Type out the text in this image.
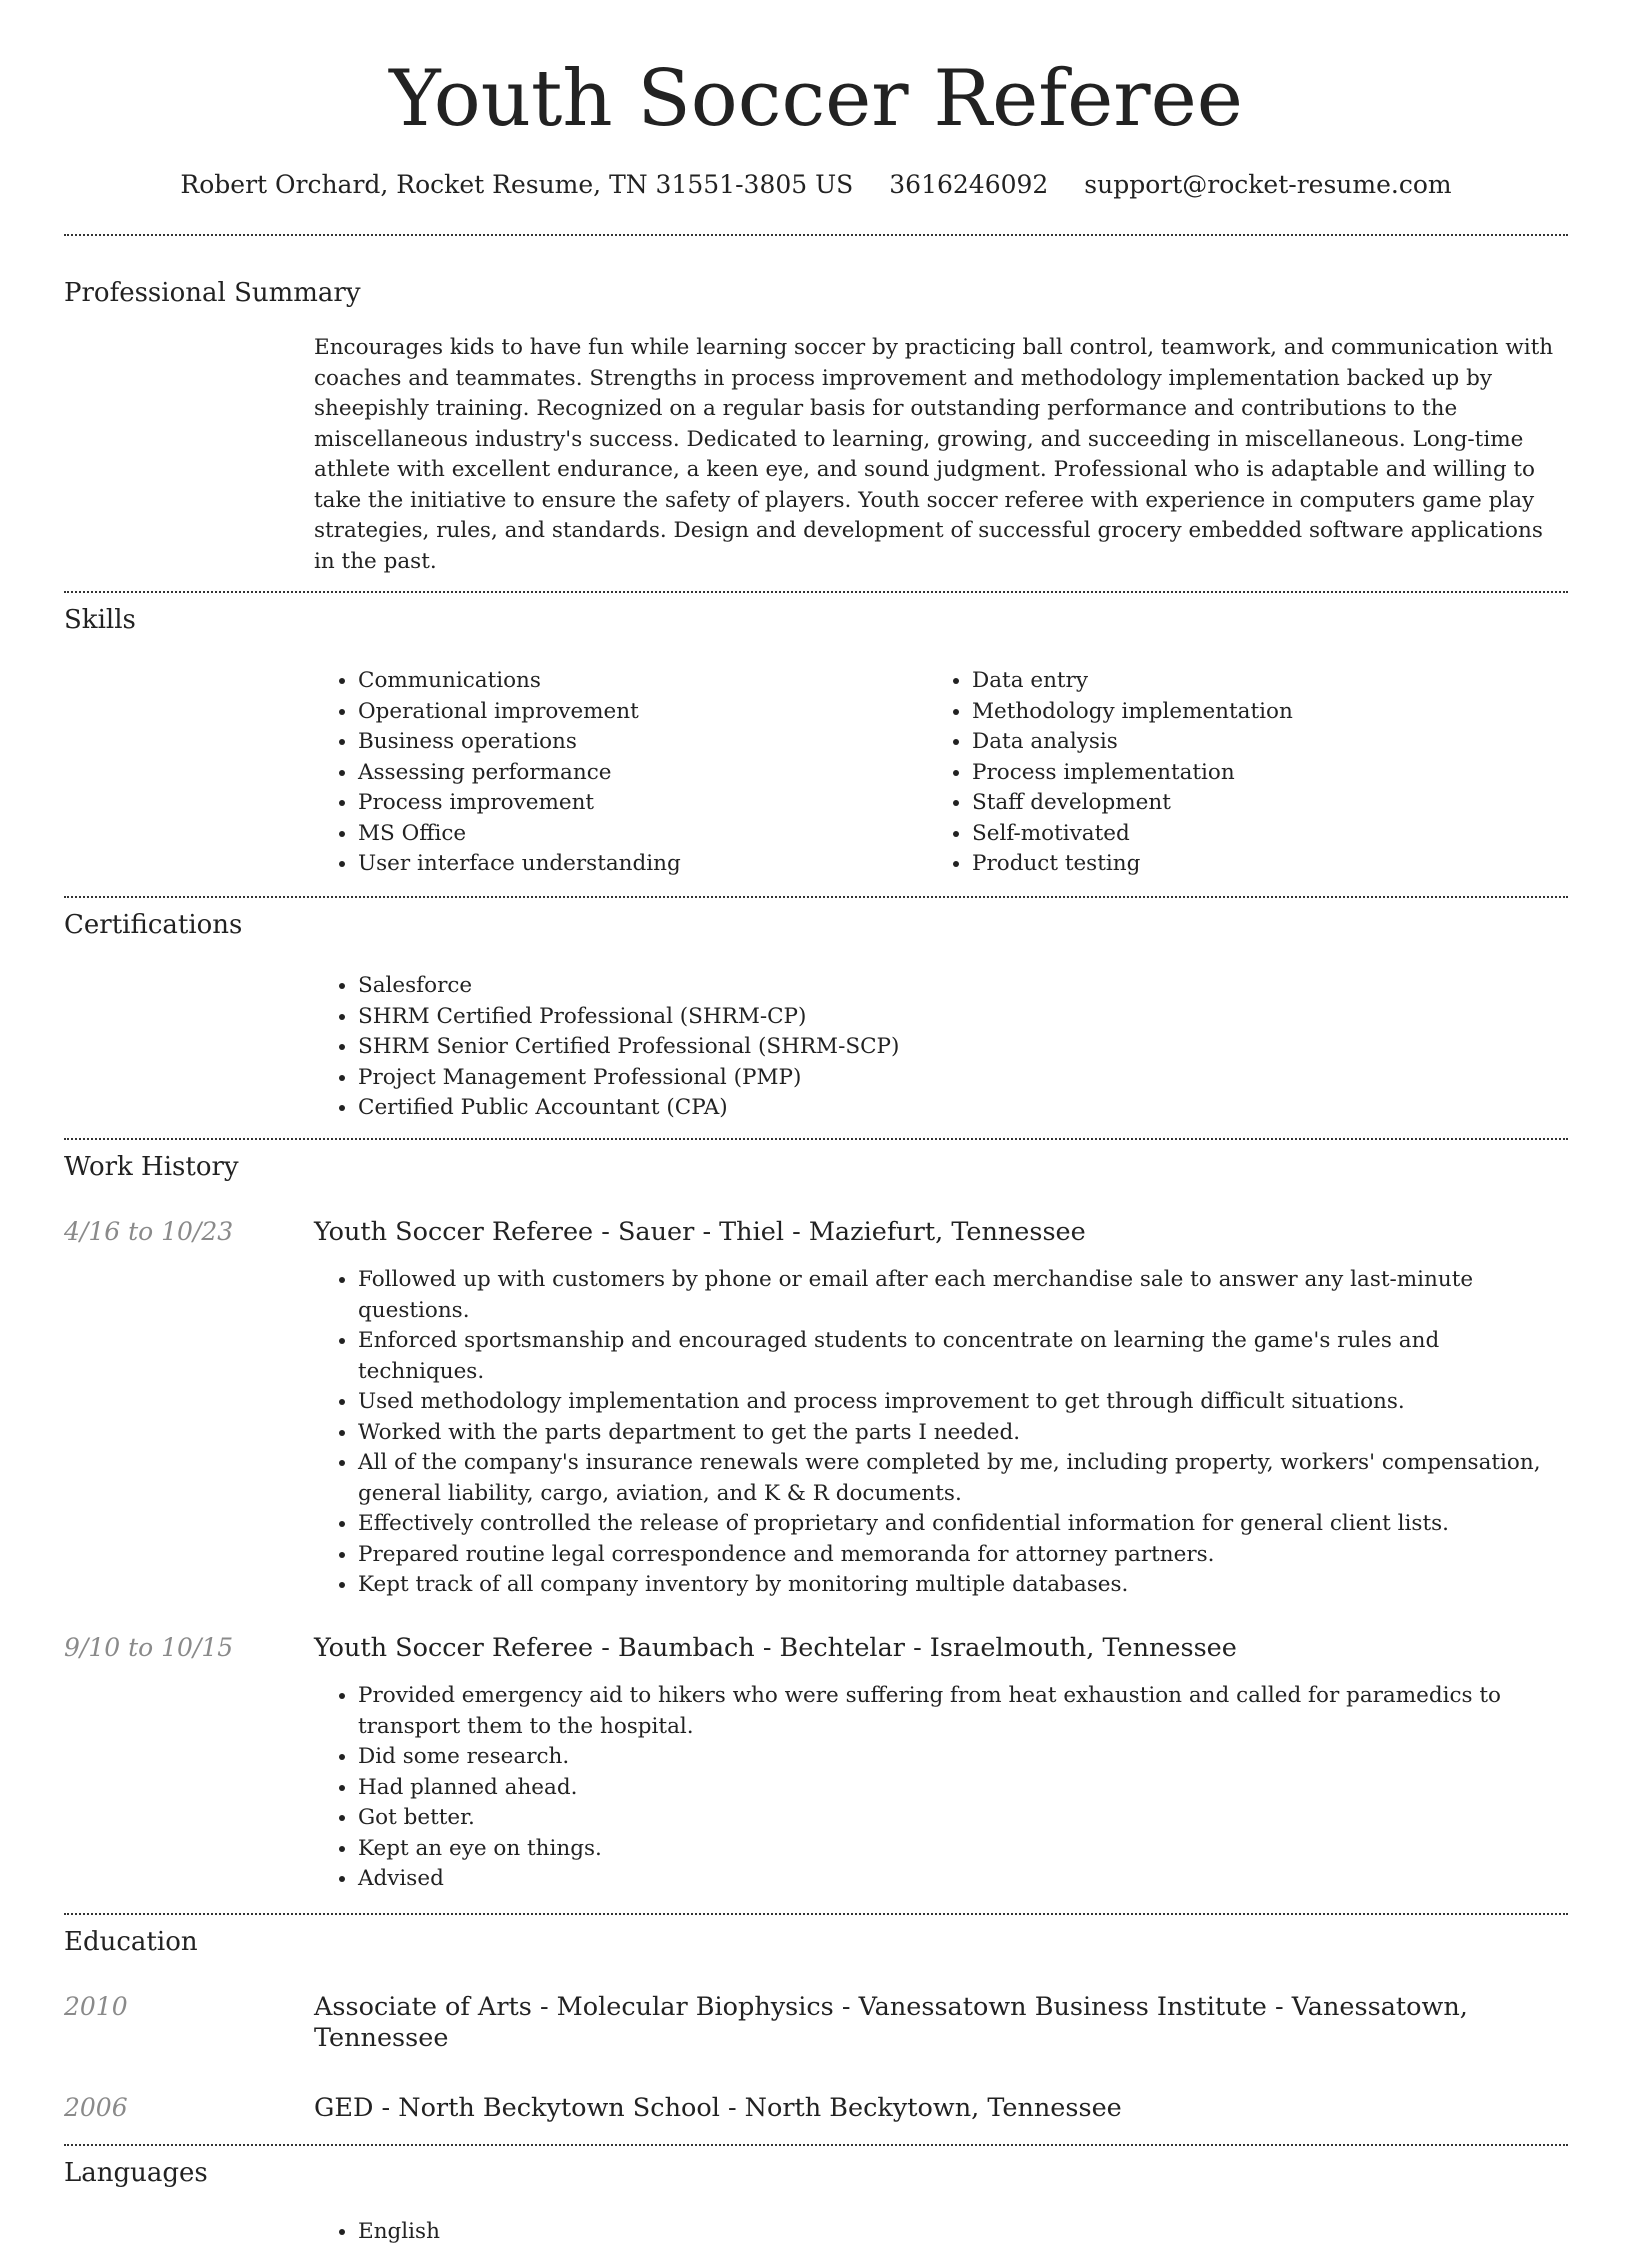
Youth Soccer Referee
Robert Orchard, Rocket Resume, TN 31551-3805 US 3616246092 support@rocket-resume.com
Professional Summary
Encourages kids to have fun while learning soccer by practicing ball control, teamwork, and communication with coaches and teammates. Strengths in process improvement and methodology implementation backed up by sheepishly training. Recognized on a regular basis for outstanding performance and contributions to the miscellaneous industry's success. Dedicated to learning, growing, and succeeding in miscellaneous. Long-time athlete with excellent endurance, a keen eye, and sound judgment. Professional who is adaptable and willing to take the initiative to ensure the safety of players. Youth soccer referee with experience in computers game play strategies, rules, and standards. Design and development of successful grocery embedded software applications in the past.
Skills
• Communications
• Operational improvement
• Business operations
• Assessing performance
• Process improvement
• MS Office
• User interface understanding
• Data entry
• Methodology implementation
• Data analysis
• Process implementation
• Staff development
• Self-motivated
• Product testing
Certifications
• Salesforce
• SHRM Certified Professional (SHRM-CP)
• SHRM Senior Certified Professional (SHRM-SCP)
• Project Management Professional (PMP)
• Certified Public Accountant (CPA)
Work History
4/16 to 10/23	Youth Soccer Referee - Sauer - Thiel - Maziefurt, Tennessee
• Followed up with customers by phone or email after each merchandise sale to answer any last-minute questions.
• Enforced sportsmanship and encouraged students to concentrate on learning the game's rules and techniques.
• Used methodology implementation and process improvement to get through difficult situations.
• Worked with the parts department to get the parts I needed.
• All of the company's insurance renewals were completed by me, including property, workers' compensation, general liability, cargo, aviation, and K & R documents.
• Effectively controlled the release of proprietary and confidential information for general client lists.
• Prepared routine legal correspondence and memoranda for attorney partners.
• Kept track of all company inventory by monitoring multiple databases.
9/10 to 10/15	Youth Soccer Referee - Baumbach - Bechtelar - Israelmouth, Tennessee
• Provided emergency aid to hikers who were suffering from heat exhaustion and called for paramedics to transport them to the hospital.
• Did some research.
• Had planned ahead.
• Got better.
• Kept an eye on things.
• Advised
Education
2010	Associate of Arts - Molecular Biophysics - Vanessatown Business Institute - Vanessatown, Tennessee
2006	GED - North Beckytown School - North Beckytown, Tennessee
Languages
• English
